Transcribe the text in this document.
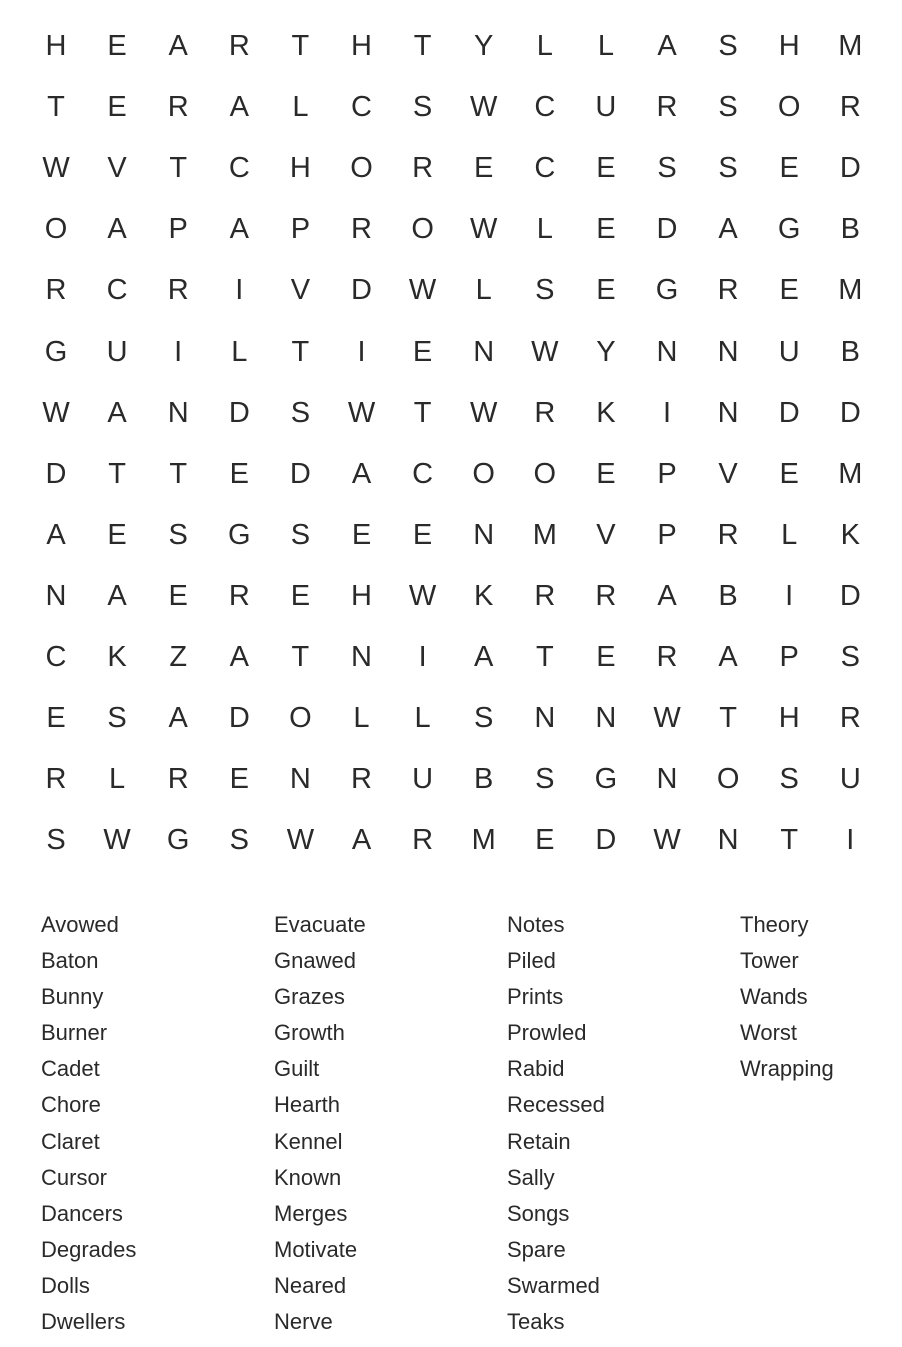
H	E	A	R	T	H	T	Y	L	L	A	S	H	M
T	E	R	A	L	C	S	W	C	U	R	S	O	R
W	V	T	C	H	O	R	E	C	E	S	S	E	D
O	A	P	A	P	R	O	W	L	E	D	A	G	B
R	C	R	I	V	D	W	L	S	E	G	R	E	M
G	U	I	L	T	I	E	N	W	Y	N	N	U	B
W	A	N	D	S	W	T	W	R	K	I	N	D	D
D	T	T	E	D	A	C	O	O	E	P	V	E	M
A	E	S	G	S	E	E	N	M	V	P	R	L	K
N	A	E	R	E	H	W	K	R	R	A	B	I	D
C	K	Z	A	T	N	I	A	T	E	R	A	P	S
E	S	A	D	O	L	L	S	N	N	W	T	H	R
R	L	R	E	N	R	U	B	S	G	N	O	S	U
S	W	G	S	W	A	R	M	E	D	W	N	T	I
Avowed
Baton
Bunny
Burner
Cadet
Chore
Claret
Cursor
Dancers
Degrades
Dolls
Dwellers
Evacuate
Gnawed
Grazes
Growth
Guilt
Hearth
Kennel
Known
Merges
Motivate
Neared
Nerve
Notes
Piled
Prints
Prowled
Rabid
Recessed
Retain
Sally
Songs
Spare
Swarmed
Teaks
Theory
Tower
Wands
Worst
Wrapping
